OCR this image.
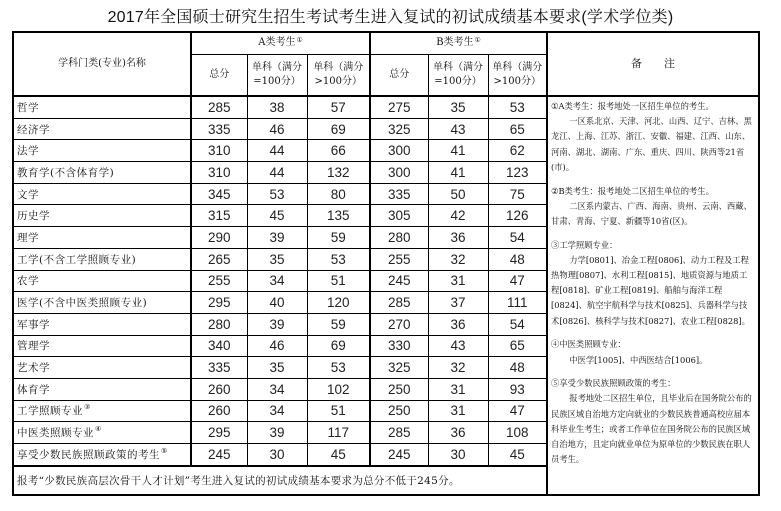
2017年全国硕士研究生招生考试考生进入复试的初试成绩基本要求(学术学位类)
学科门类(专业)名称	A类考生①			B类考生①			备　　注
	总分	单科（满分=100分）	单科（满分>100分）	总分	单科（满分=100分）	单科（满分>100分）	
哲学	285	38	57	275	35	53	①A类考生：报考地处一区招生单位的考生。
一区系北京、天津、河北、山西、辽宁、吉林、黑龙江、上海、江苏、浙江、安徽、福建、江西、山东、河南、湖北、湖南、广东、重庆、四川、陕西等21省(市)。
②B类考生：报考地处二区招生单位的考生。
二区系内蒙古、广西、海南、贵州、云南、西藏、甘肃、青海、宁夏、新疆等10省(区)。
③工学照顾专业：
力学[0801]、冶金工程[0806]、动力工程及工程热物理[0807]、水利工程[0815]、地质资源与地质工程[0818]、矿业工程[0819]、船舶与海洋工程[0824]、航空宇航科学与技术[0825]、兵器科学与技术[0826]、核科学与技术[0827]、农业工程[0828]。
④中医类照顾专业：
中医学[1005]、中西医结合[1006]。
⑤享受少数民族照顾政策的考生：
报考地处二区招生单位，且毕业后在国务院公布的民族区域自治地方定向就业的少数民族普通高校应届本科毕业生考生；或者工作单位在国务院公布的民族区域自治地方，且定向就业单位为原单位的少数民族在职人员考生。

经济学	335	46	69	325	43	65	
法学	310	44	66	300	41	62	
教育学(不含体育学)	310	44	132	300	41	123	
文学	345	53	80	335	50	75	
历史学	315	45	135	305	42	126	
理学	290	39	59	280	36	54	
工学(不含工学照顾专业)	265	35	53	255	32	48	
农学	255	34	51	245	31	47	
医学(不含中医类照顾专业)	295	40	120	285	37	111	
军事学	280	39	59	270	36	54	
管理学	340	46	69	330	43	65	
艺术学	335	35	53	325	32	48	
体育学	260	34	102	250	31	93	
工学照顾专业③	260	34	51	250	31	47	
中医类照顾专业④	295	39	117	285	36	108	
享受少数民族照顾政策的考生⑤	245	30	45	245	30	45	
报考“少数民族高层次骨干人才计划”考生进入复试的初试成绩基本要求为总分不低于245分。							
